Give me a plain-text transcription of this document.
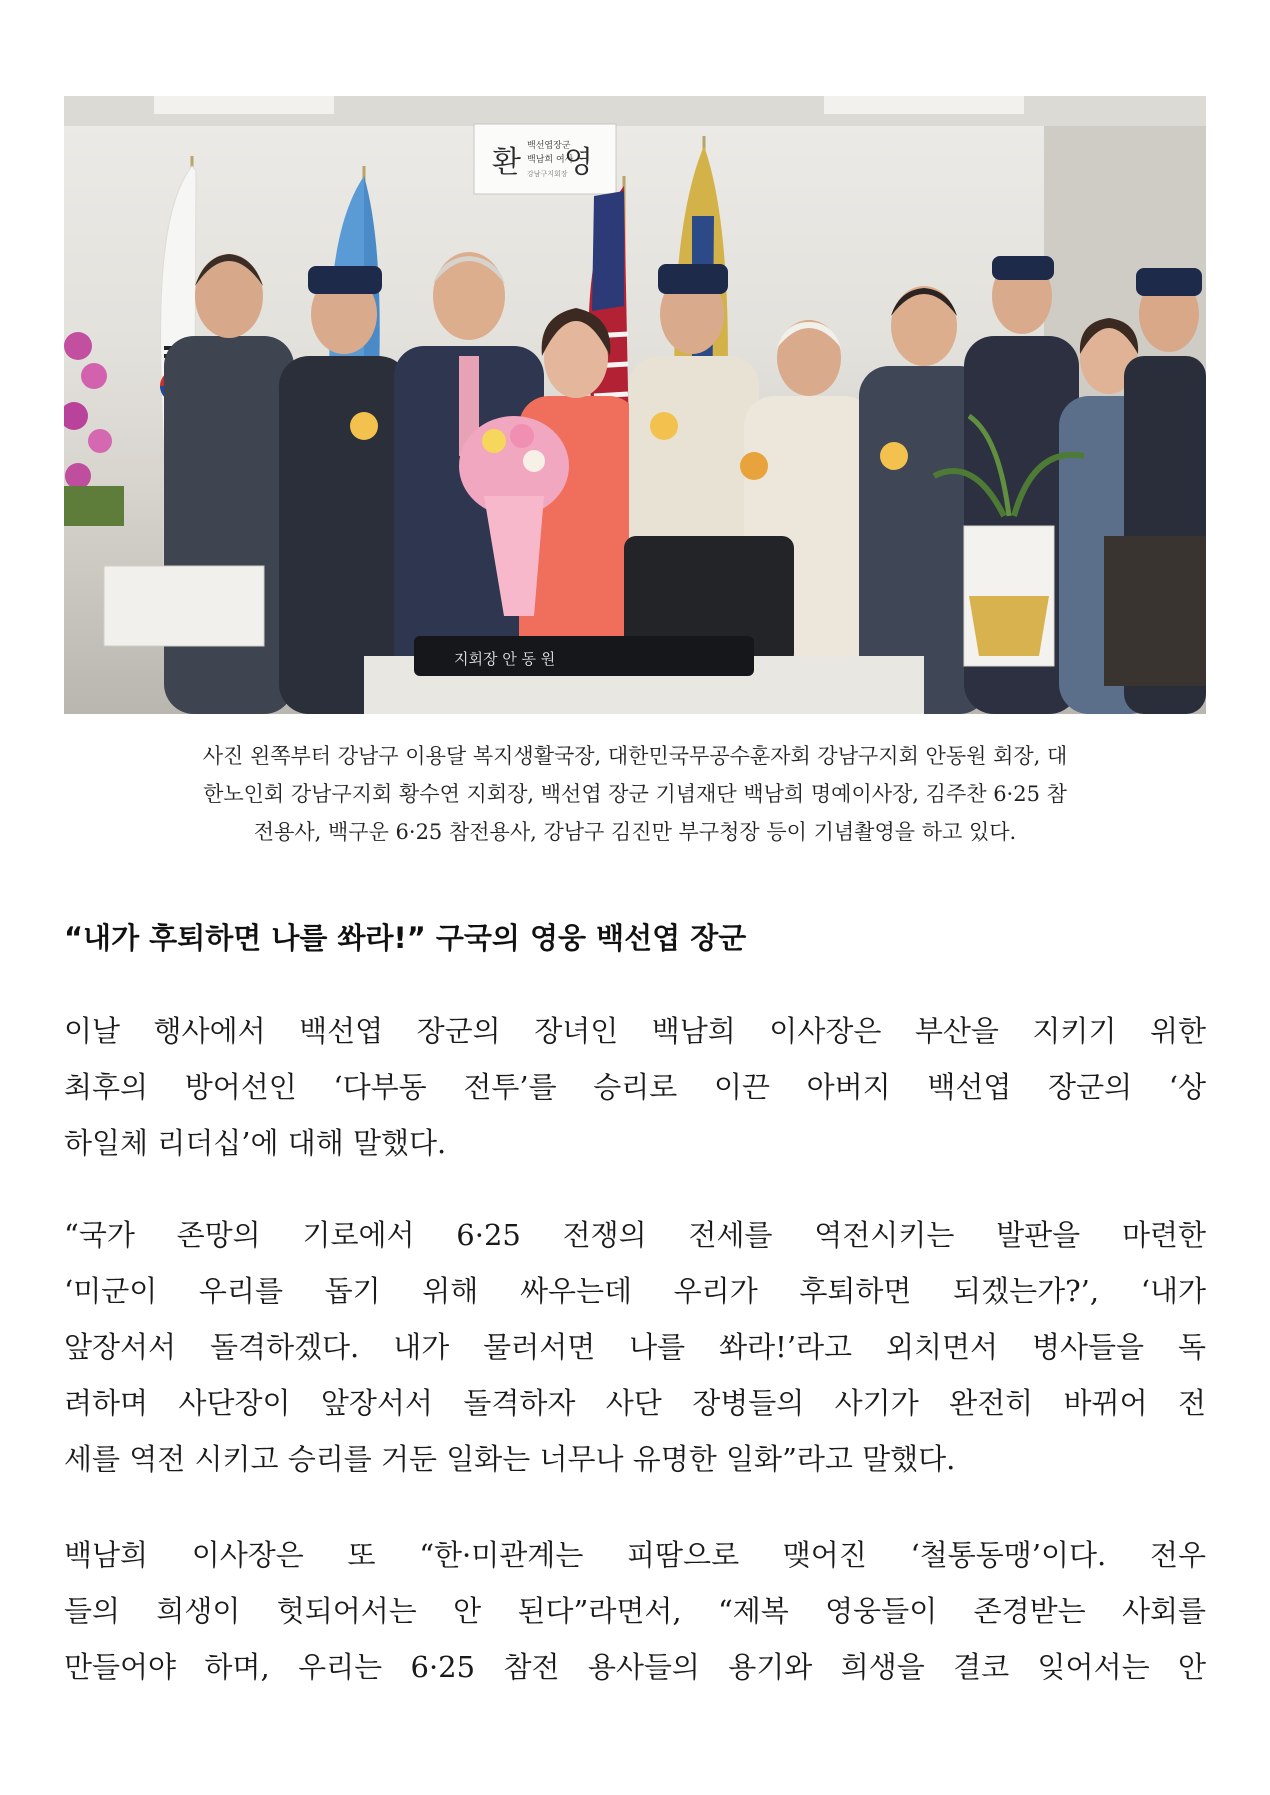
환 영
백선엽장군
백남희 여사
강남구지회장
지회장 안 동 원
사진 왼쪽부터 강남구 이용달 복지생활국장, 대한민국무공수훈자회 강남구지회 안동원 회장, 대
한노인회 강남구지회 황수연 지회장, 백선엽 장군 기념재단 백남희 명예이사장, 김주찬 6·25 참
전용사, 백구운 6·25 참전용사, 강남구 김진만 부구청장 등이 기념촬영을 하고 있다.
“내가 후퇴하면 나를 쏴라!” 구국의 영웅 백선엽 장군
이날 행사에서 백선엽 장군의 장녀인 백남희 이사장은 부산을 지키기 위한
최후의 방어선인 ‘다부동 전투’를 승리로 이끈 아버지 백선엽 장군의 ‘상
하일체 리더십’에 대해 말했다.
“국가 존망의 기로에서 6·25 전쟁의 전세를 역전시키는 발판을 마련한
‘미군이 우리를 돕기 위해 싸우는데 우리가 후퇴하면 되겠는가?’, ‘내가
앞장서서 돌격하겠다. 내가 물러서면 나를 쏴라!’라고 외치면서 병사들을 독
려하며 사단장이 앞장서서 돌격하자 사단 장병들의 사기가 완전히 바뀌어 전
세를 역전 시키고 승리를 거둔 일화는 너무나 유명한 일화”라고 말했다.
백남희 이사장은 또 “한·미관계는 피땀으로 맺어진 ‘철통동맹’이다. 전우
들의 희생이 헛되어서는 안 된다”라면서, “제복 영웅들이 존경받는 사회를
만들어야 하며, 우리는 6·25 참전 용사들의 용기와 희생을 결코 잊어서는 안
